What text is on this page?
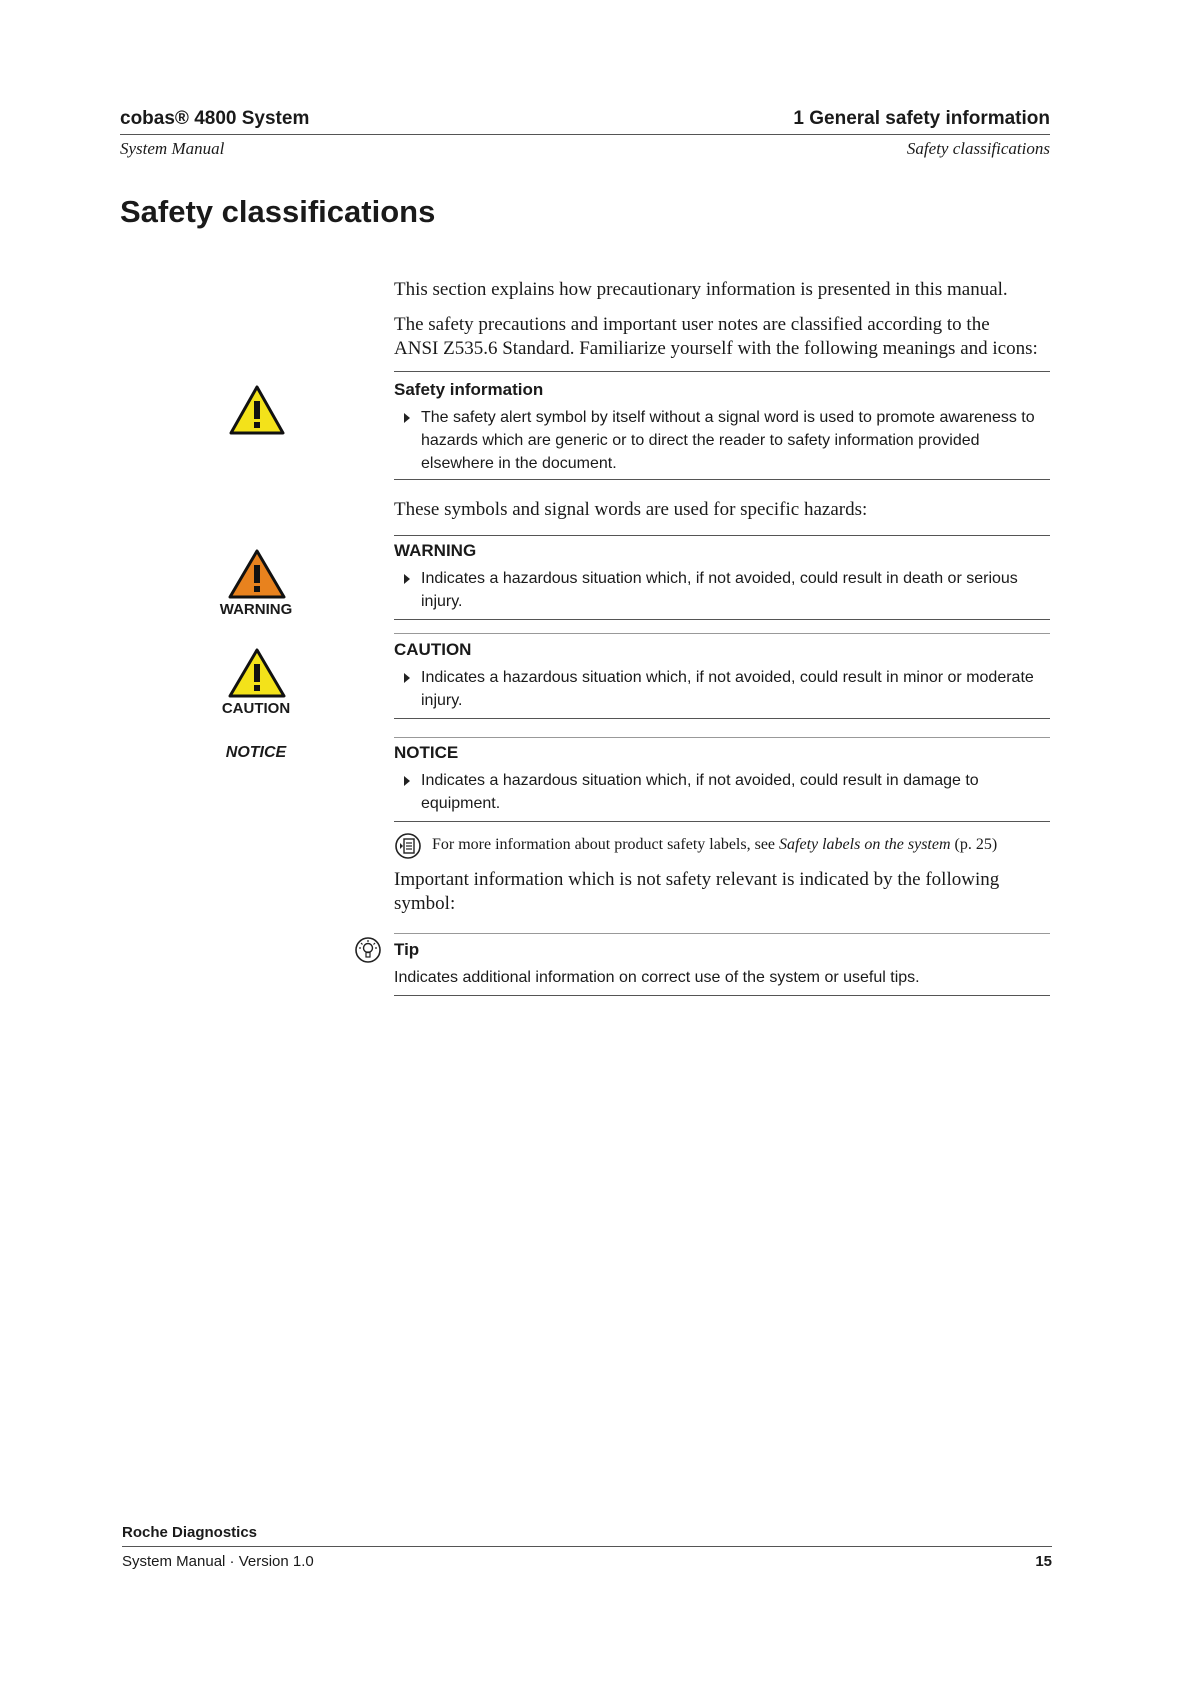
cobas® 4800 System	1 General safety information
System Manual	Safety classifications
Safety classifications
This section explains how precautionary information is presented in this manual.
The safety precautions and important user notes are classified according to the
ANSI Z535.6 Standard. Familiarize yourself with the following meanings and icons:
Safety information
The safety alert symbol by itself without a signal word is used to promote awareness to
hazards which are generic or to direct the reader to safety information provided
elsewhere in the document.
These symbols and signal words are used for specific hazards:
WARNING
Indicates a hazardous situation which, if not avoided, could result in death or serious
injury.
WARNING
CAUTION
Indicates a hazardous situation which, if not avoided, could result in minor or moderate
injury.
CAUTION
NOTICE
Indicates a hazardous situation which, if not avoided, could result in damage to
equipment.
NOTICE
For more information about product safety labels, see Safety labels on the system (p. 25)
Important information which is not safety relevant is indicated by the following
symbol:
Tip
Indicates additional information on correct use of the system or useful tips.
Roche Diagnostics
System Manual · Version 1.0	15
